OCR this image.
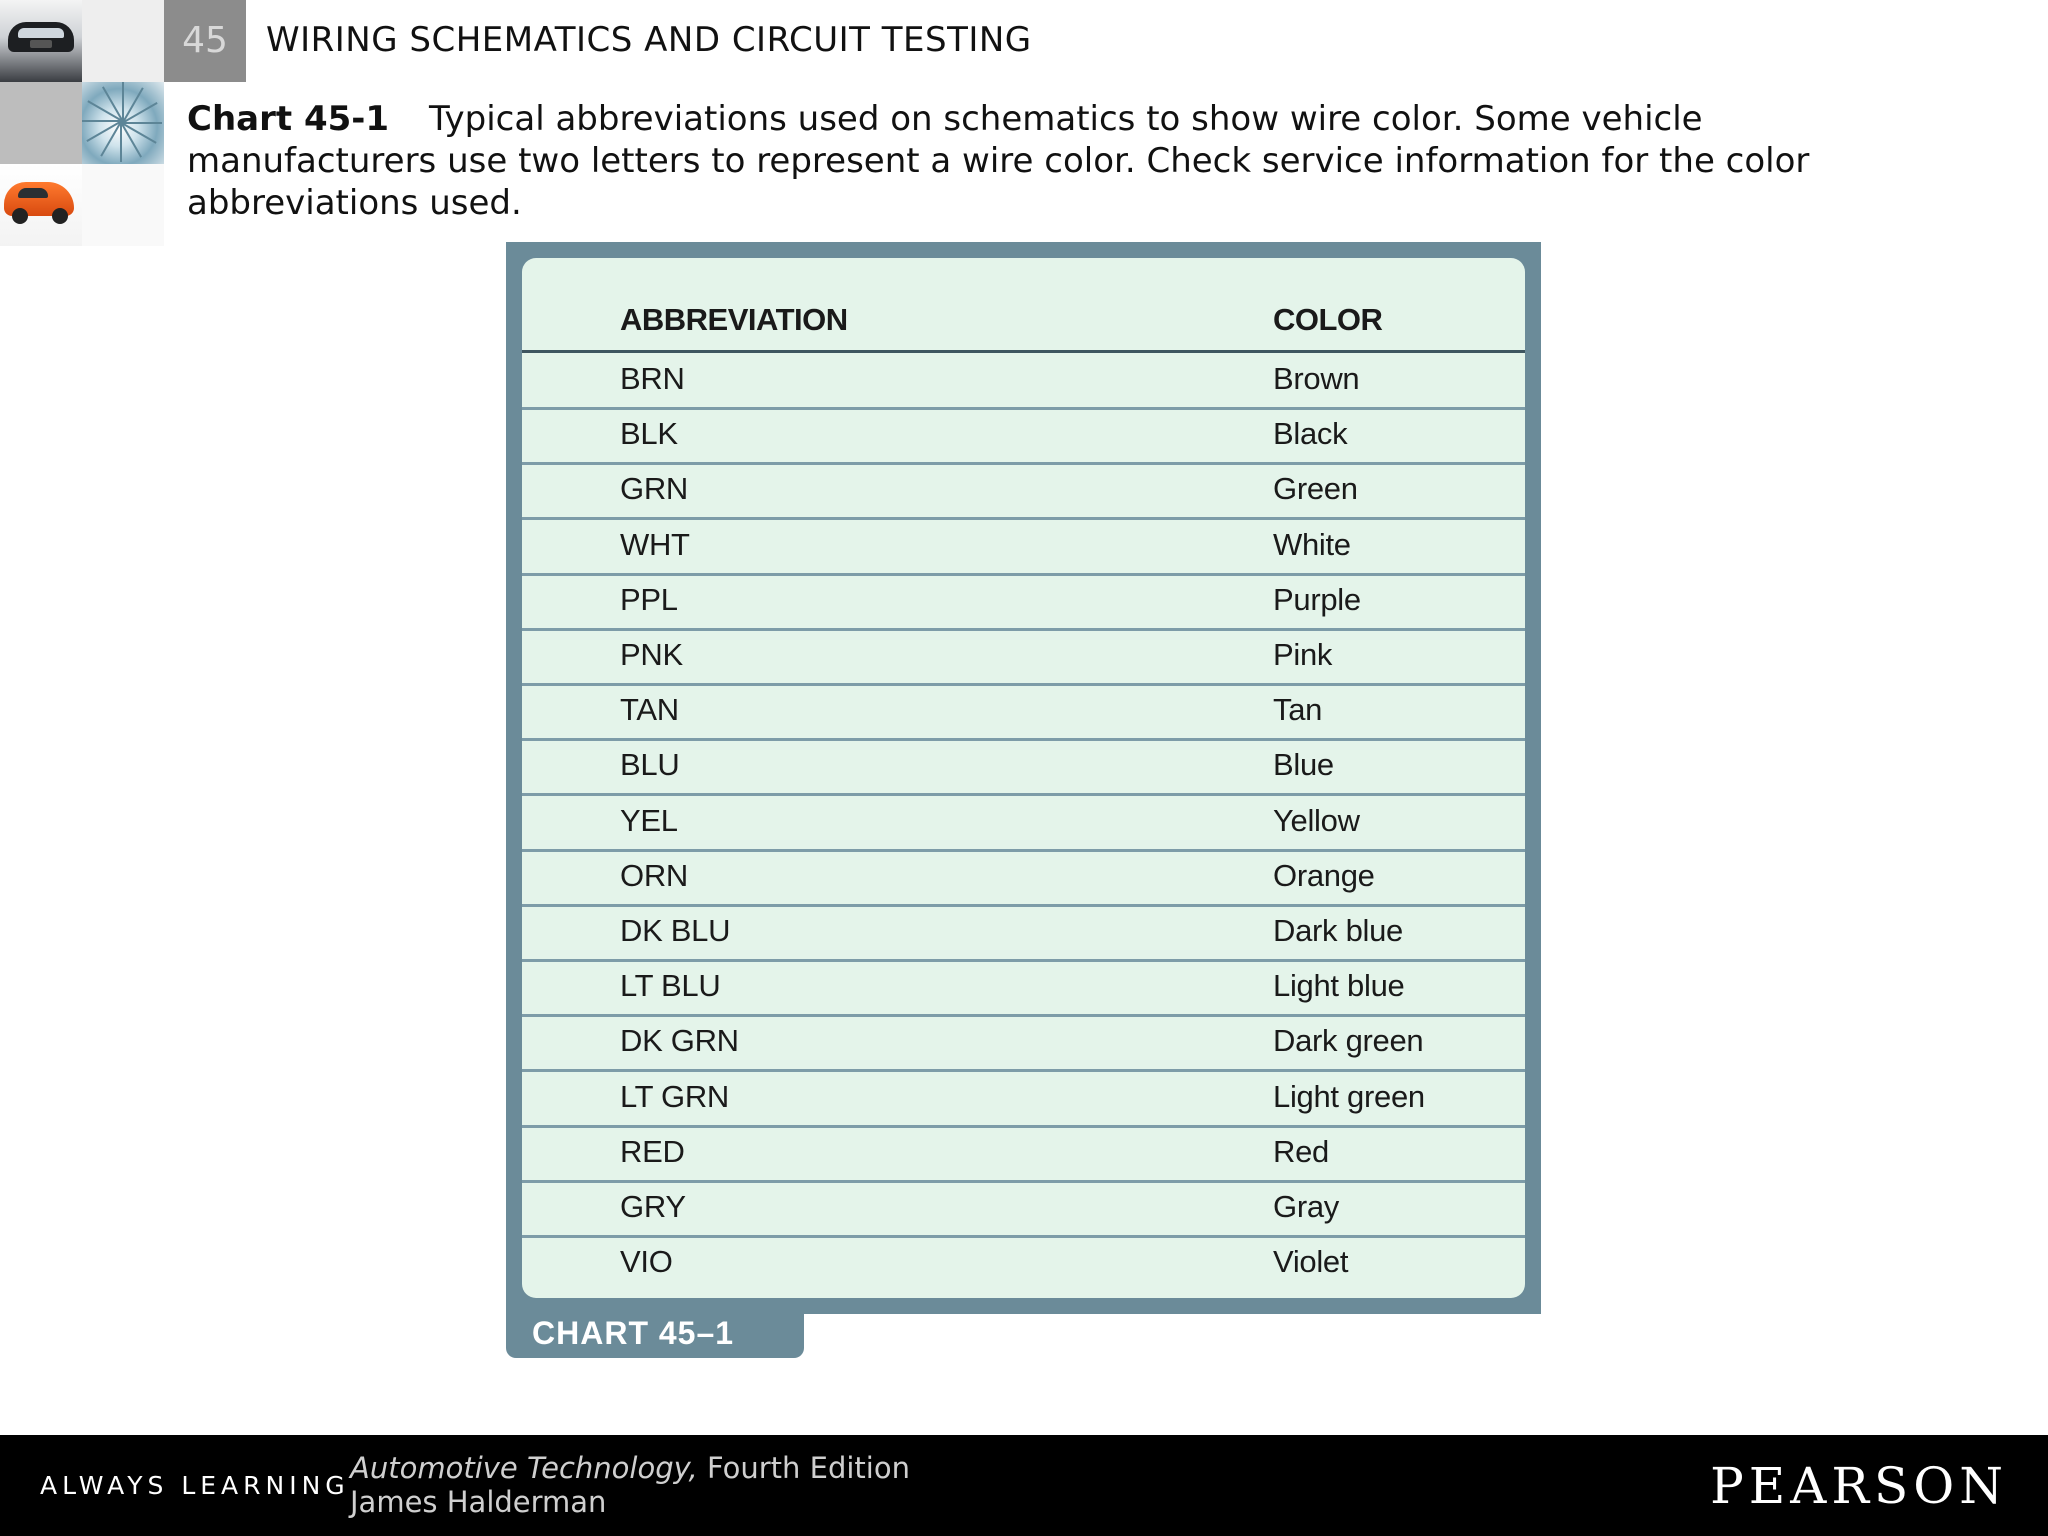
45	WIRING SCHEMATICS AND CIRCUIT TESTING
Chart 45-1 Typical abbreviations used on schematics to show wire color. Some vehicle manufacturers use two letters to represent a wire color. Check service information for the color abbreviations used.
ABBREVIATION	COLOR
BRN	Brown
BLK	Black
GRN	Green
WHT	White
PPL	Purple
PNK	Pink
TAN	Tan
BLU	Blue
YEL	Yellow
ORN	Orange
DK BLU	Dark blue
LT BLU	Light blue
DK GRN	Dark green
LT GRN	Light green
RED	Red
GRY	Gray
VIO	Violet
CHART 45–1
ALWAYS LEARNING
Automotive Technology, Fourth Edition
James Halderman	PEARSON
